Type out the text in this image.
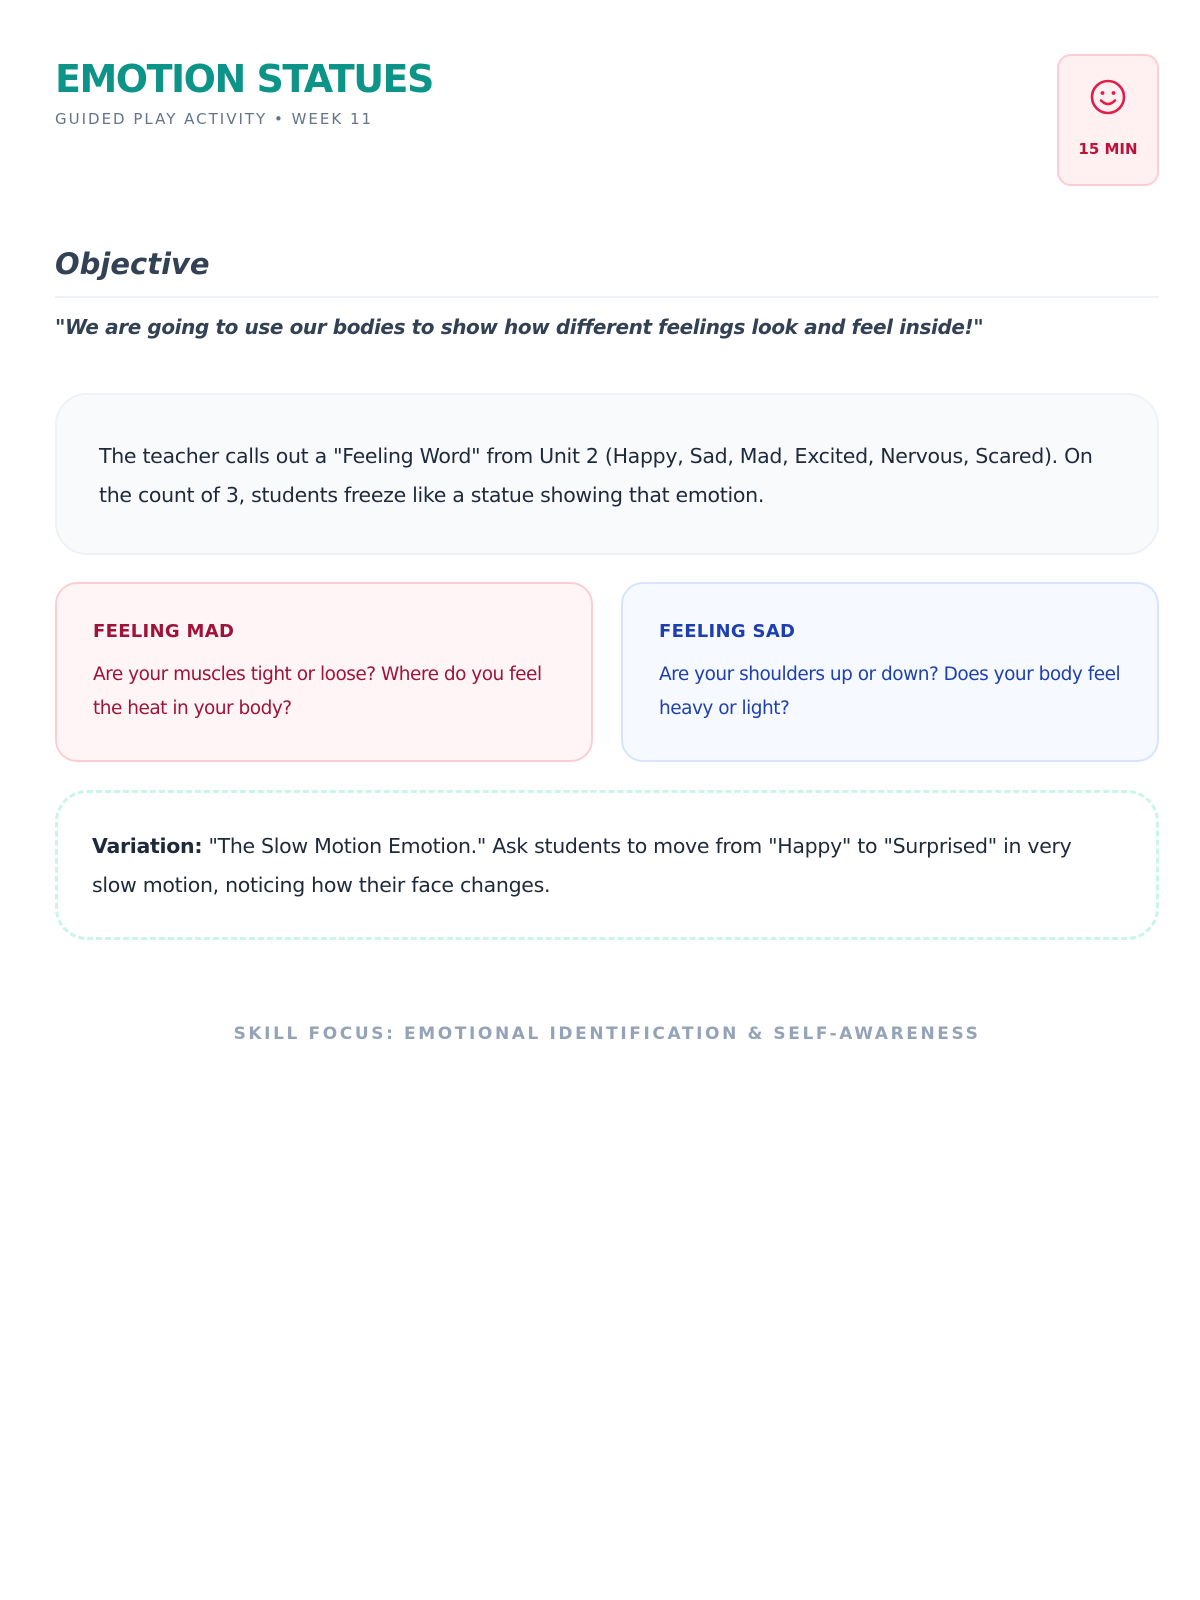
EMOTION STATUES
GUIDED PLAY ACTIVITY • WEEK 11
15 MIN
Objective

"We are going to use our bodies to show how different feelings look and feel inside!"

The teacher calls out a "Feeling Word" from Unit 2 (Happy, Sad, Mad, Excited, Nervous, Scared). On the count of 3, students freeze like a statue showing that emotion.

FEELING MAD

Are your muscles tight or loose? Where do you feel the heat in your body?

FEELING SAD

Are your shoulders up or down? Does your body feel heavy or light?

Variation: "The Slow Motion Emotion." Ask students to move from "Happy" to "Surprised" in very slow motion, noticing how their face changes.

SKILL FOCUS: EMOTIONAL IDENTIFICATION & SELF-AWARENESS
